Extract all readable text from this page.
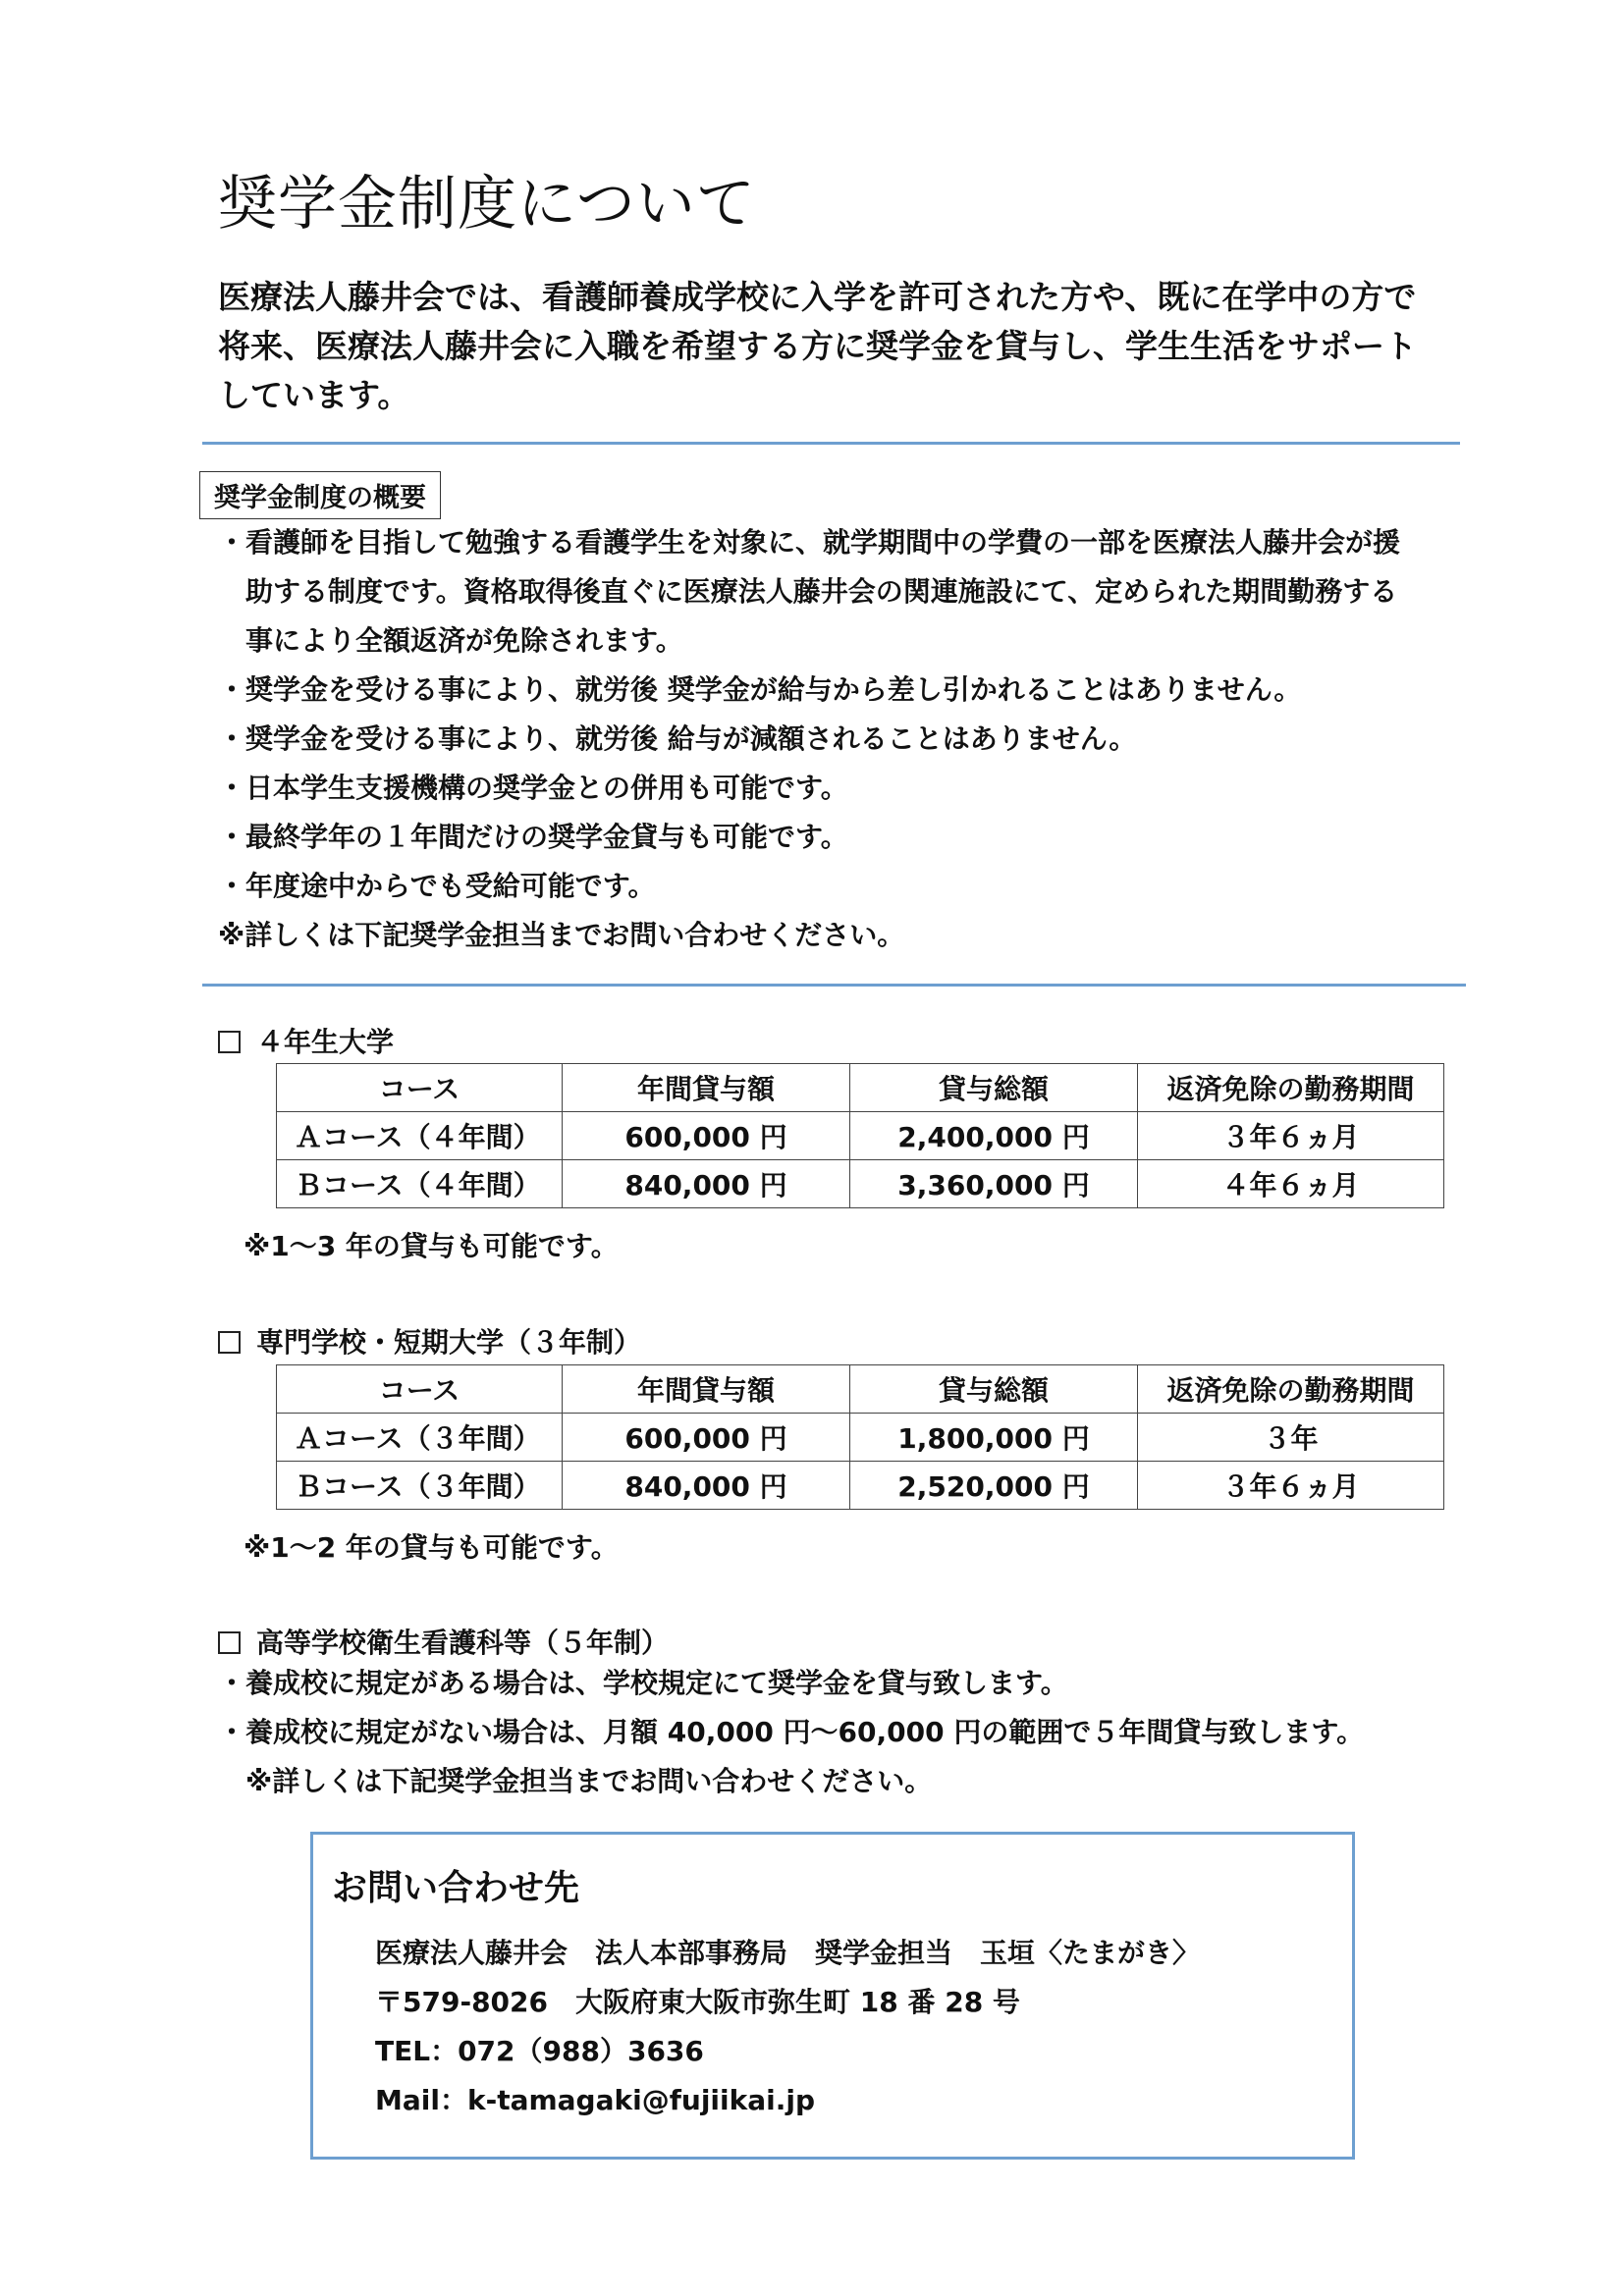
奨学金制度について
医療法人藤井会では、看護師養成学校に入学を許可された方や、既に在学中の方で
将来、医療法人藤井会に入職を希望する方に奨学金を貸与し、学生生活をサポート
しています。
奨学金制度の概要
・看護師を目指して勉強する看護学生を対象に、就学期間中の学費の一部を医療法人藤井会が援
　助する制度です。資格取得後直ぐに医療法人藤井会の関連施設にて、定められた期間勤務する
　事により全額返済が免除されます。
・奨学金を受ける事により、就労後 奨学金が給与から差し引かれることはありません。
・奨学金を受ける事により、就労後 給与が減額されることはありません。
・日本学生支援機構の奨学金との併用も可能です。
・最終学年の１年間だけの奨学金貸与も可能です。
・年度途中からでも受給可能です。
※詳しくは下記奨学金担当までお問い合わせください。
４年生大学
コース	年間貸与額	貸与総額	返済免除の勤務期間
Ａコース（４年間）	600,000 円	2,400,000 円	３年６ヵ月
Ｂコース（４年間）	840,000 円	3,360,000 円	４年６ヵ月
※1～3 年の貸与も可能です。
専門学校・短期大学（３年制）
コース	年間貸与額	貸与総額	返済免除の勤務期間
Ａコース（３年間）	600,000 円	1,800,000 円	３年
Ｂコース（３年間）	840,000 円	2,520,000 円	３年６ヵ月
※1～2 年の貸与も可能です。
高等学校衛生看護科等（５年制）
・養成校に規定がある場合は、学校規定にて奨学金を貸与致します。
・養成校に規定がない場合は、月額 40,000 円～60,000 円の範囲で５年間貸与致します。
　※詳しくは下記奨学金担当までお問い合わせください。
お問い合わせ先
医療法人藤井会　法人本部事務局　奨学金担当　玉垣〈たまがき〉
〒579-8026　大阪府東大阪市弥生町 18 番 28 号
TEL：072（988）3636
Mail：k-tamagaki@fujiikai.jp
